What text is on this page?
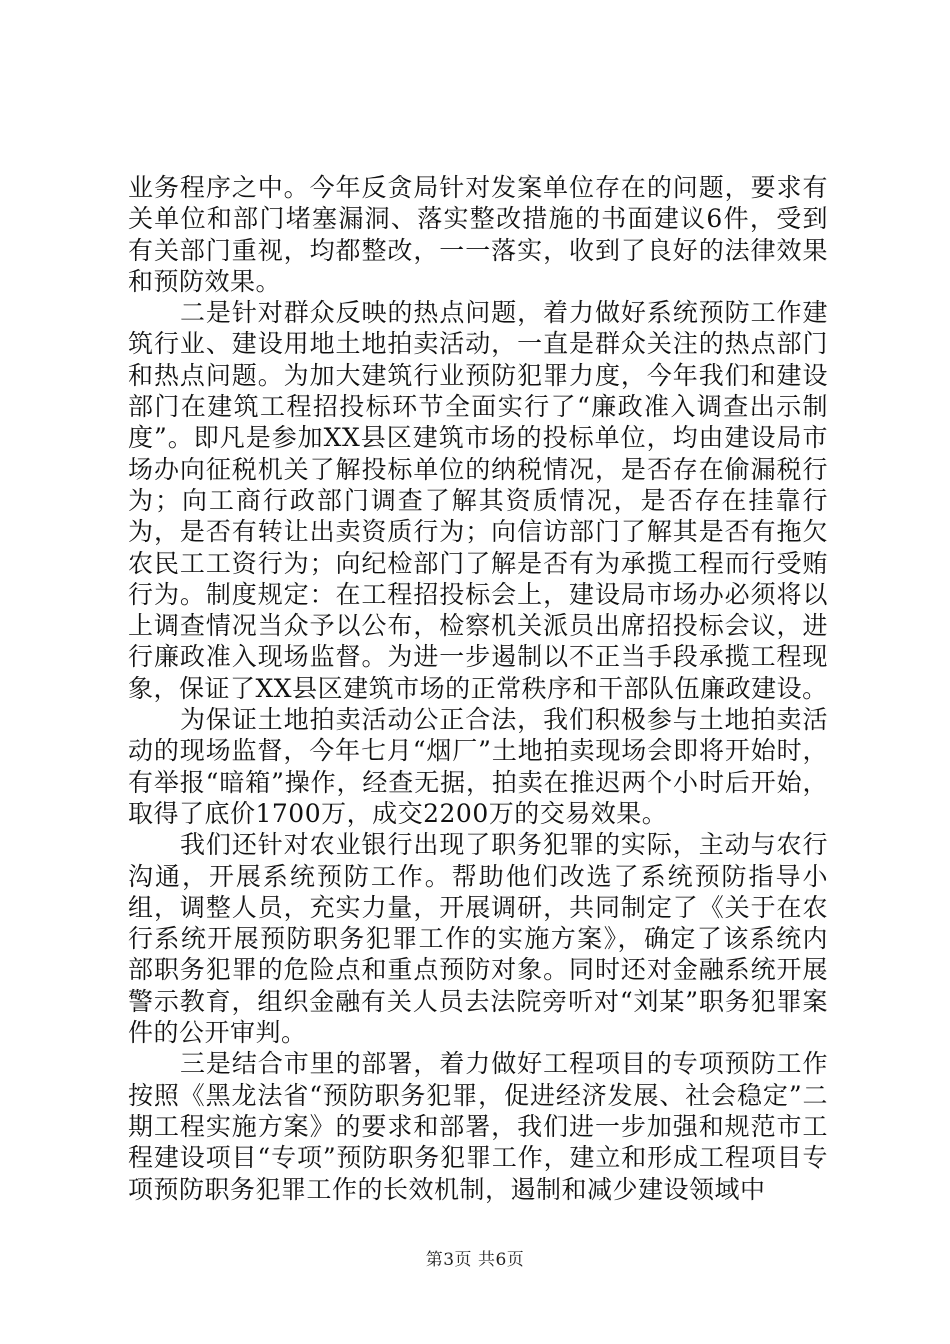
业务程序之中。今年反贪局针对发案单位存在的问题，要求有关单位和部门堵塞漏洞、落实整改措施的书面建议6件，受到有关部门重视，均都整改，一一落实，收到了良好的法律效果和预防效果。

二是针对群众反映的热点问题，着力做好系统预防工作建筑行业、建设用地土地拍卖活动，一直是群众关注的热点部门和热点问题。为加大建筑行业预防犯罪力度，今年我们和建设部门在建筑工程招投标环节全面实行了“廉政准入调查出示制度”。即凡是参加XX县区建筑市场的投标单位，均由建设局市场办向征税机关了解投标单位的纳税情况，是否存在偷漏税行为；向工商行政部门调查了解其资质情况，是否存在挂靠行为，是否有转让出卖资质行为；向信访部门了解其是否有拖欠农民工工资行为；向纪检部门了解是否有为承揽工程而行受贿行为。制度规定：在工程招投标会上，建设局市场办必须将以上调查情况当众予以公布，检察机关派员出席招投标会议，进行廉政准入现场监督。为进一步遏制以不正当手段承揽工程现象，保证了XX县区建筑市场的正常秩序和干部队伍廉政建设。

为保证土地拍卖活动公正合法，我们积极参与土地拍卖活动的现场监督，今年七月“烟厂”土地拍卖现场会即将开始时，有举报“暗箱”操作，经查无据，拍卖在推迟两个小时后开始，取得了底价1700万，成交2200万的交易效果。

我们还针对农业银行出现了职务犯罪的实际，主动与农行沟通，开展系统预防工作。帮助他们改选了系统预防指导小组，调整人员，充实力量，开展调研，共同制定了《关于在农行系统开展预防职务犯罪工作的实施方案》，确定了该系统内部职务犯罪的危险点和重点预防对象。同时还对金融系统开展警示教育，组织金融有关人员去法院旁听对“刘某”职务犯罪案件的公开审判。

三是结合市里的部署，着力做好工程项目的专项预防工作按照《黑龙法省“预防职务犯罪，促进经济发展、社会稳定”二期工程实施方案》的要求和部署，我们进一步加强和规范市工程建设项目“专项”预防职务犯罪工作，建立和形成工程项目专项预防职务犯罪工作的长效机制，遏制和减少建设领域中

第3页 共6页
